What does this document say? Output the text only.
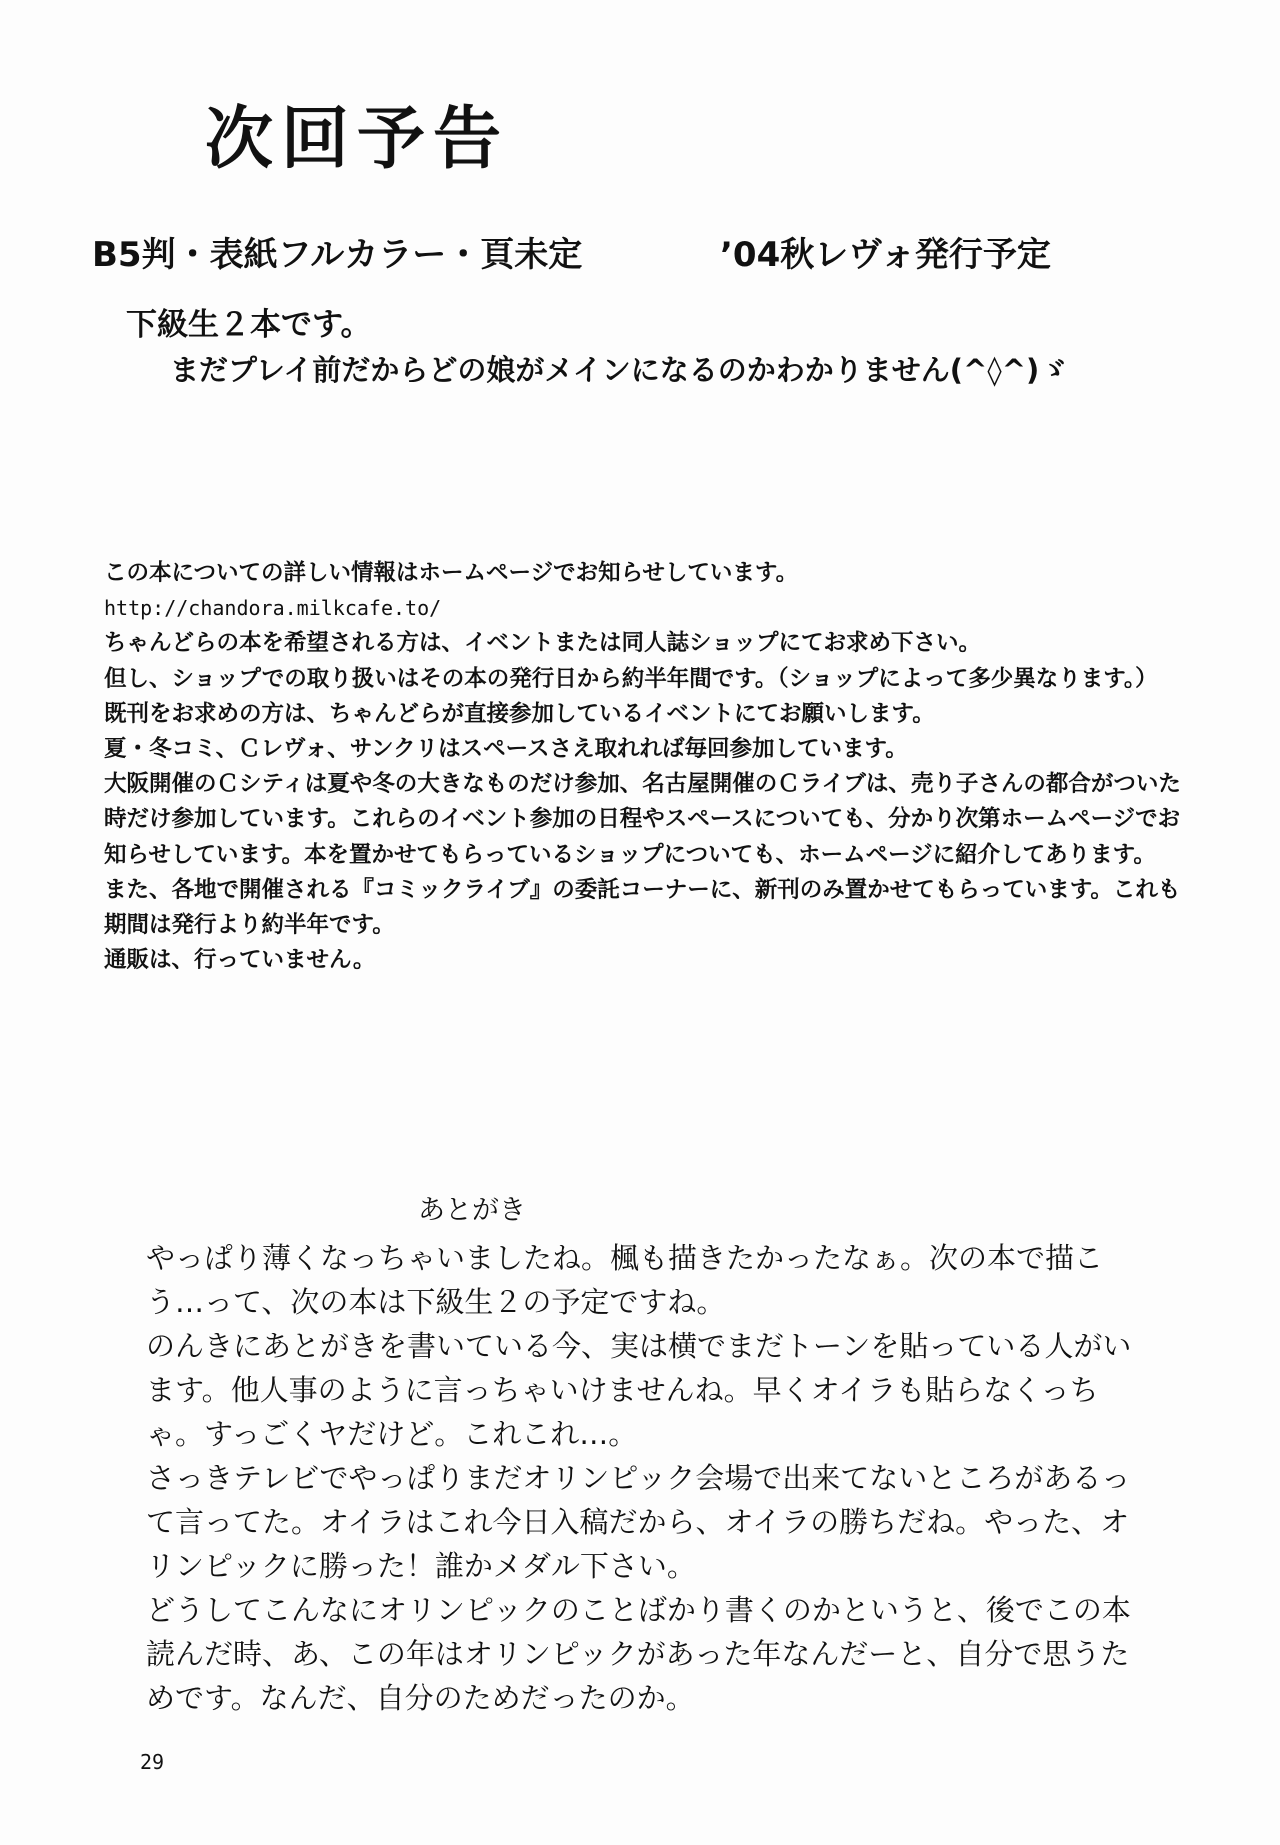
次回予告
B5判・表紙フルカラー・頁未定	’04秋レヴォ発行予定
下級生２本です。
まだプレイ前だからどの娘がメインになるのかわかりません(^◊^)ゞ

この本についての詳しい情報はホームページでお知らせしています。

http://chandora.milkcafe.to/

ちゃんどらの本を希望される方は、イベントまたは同人誌ショップにてお求め下さい。

但し、ショップでの取り扱いはその本の発行日から約半年間です。（ショップによって多少異なります。）

既刊をお求めの方は、ちゃんどらが直接参加しているイベントにてお願いします。

夏・冬コミ、Ｃレヴォ、サンクリはスペースさえ取れれば毎回参加しています。

大阪開催のＣシティは夏や冬の大きなものだけ参加、名古屋開催のＣライブは、売り子さんの都合がついた時だけ参加しています。これらのイベント参加の日程やスペースについても、分かり次第ホームページでお知らせしています。本を置かせてもらっているショップについても、ホームページに紹介してあります。

また、各地で開催される『コミックライブ』の委託コーナーに、新刊のみ置かせてもらっています。これも期間は発行より約半年です。

通販は、行っていません。

あとがき

やっぱり薄くなっちゃいましたね。楓も描きたかったなぁ。次の本で描こう…って、次の本は下級生２の予定ですね。

のんきにあとがきを書いている今、実は横でまだトーンを貼っている人がいます。他人事のように言っちゃいけませんね。早くオイラも貼らなくっちゃ。すっごくヤだけど。これこれ…。

さっきテレビでやっぱりまだオリンピック会場で出来てないところがあるって言ってた。オイラはこれ今日入稿だから、オイラの勝ちだね。やった、オリンピックに勝った！誰かメダル下さい。

どうしてこんなにオリンピックのことばかり書くのかというと、後でこの本読んだ時、あ、この年はオリンピックがあった年なんだーと、自分で思うためです。なんだ、自分のためだったのか。

29
